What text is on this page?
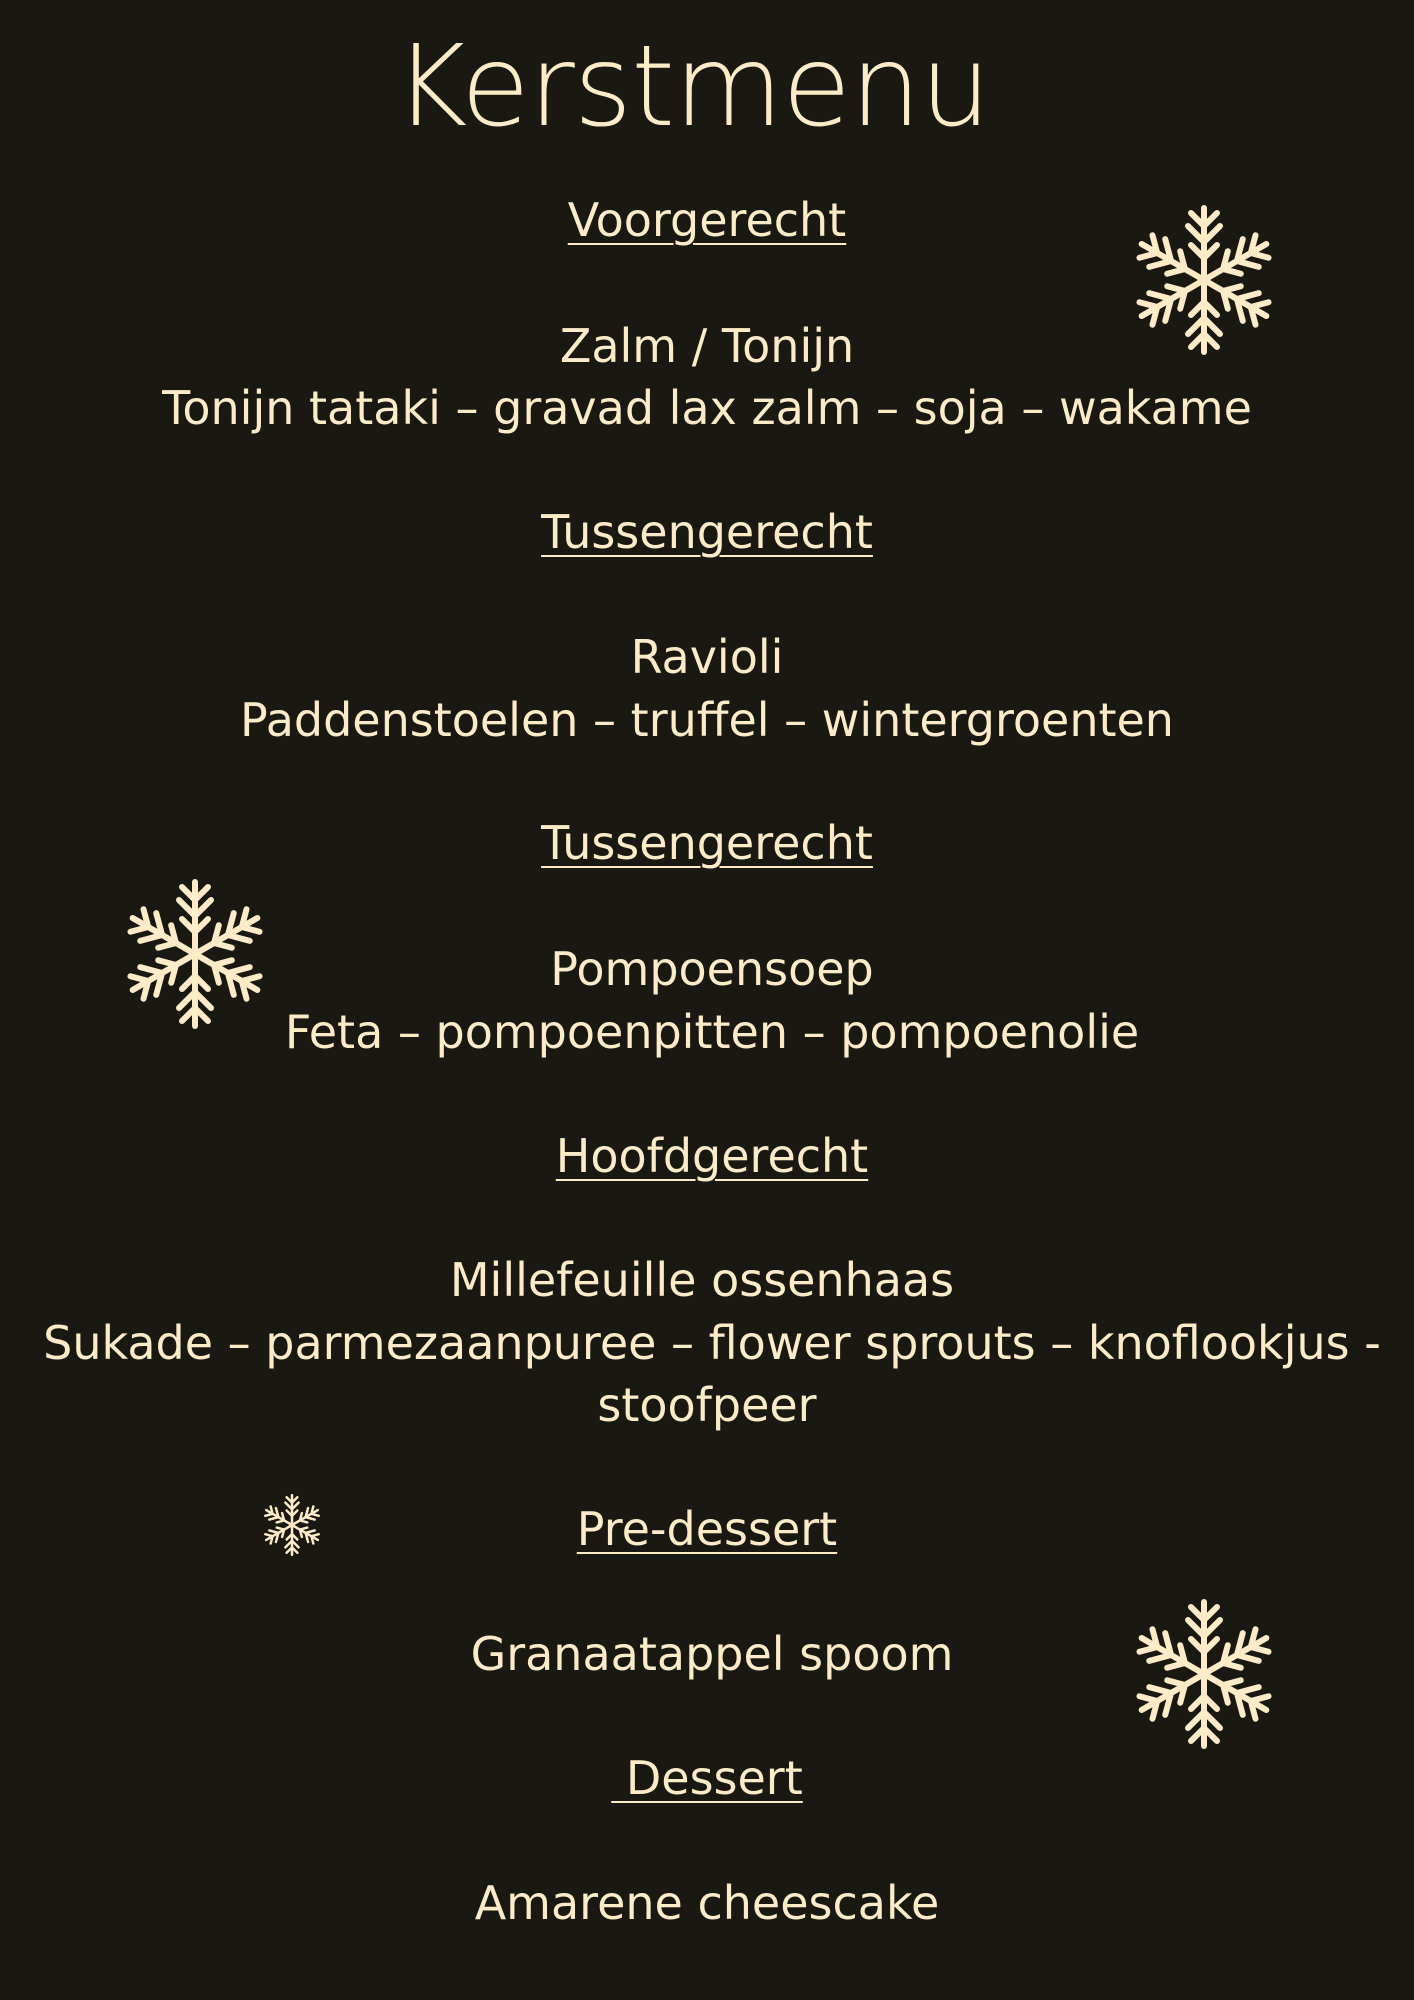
Kerstmenu
Voorgerecht
Zalm / Tonijn
Tonijn tataki – gravad lax zalm – soja – wakame
Tussengerecht
Ravioli
Paddenstoelen – truffel – wintergroenten
Tussengerecht
Pompoensoep
Feta – pompoenpitten – pompoenolie
Hoofdgerecht
Millefeuille ossenhaas
Sukade – parmezaanpuree – flower sprouts – knoflookjus -
stoofpeer
Pre-dessert
Granaatappel spoom
Dessert
Amarene cheescake
